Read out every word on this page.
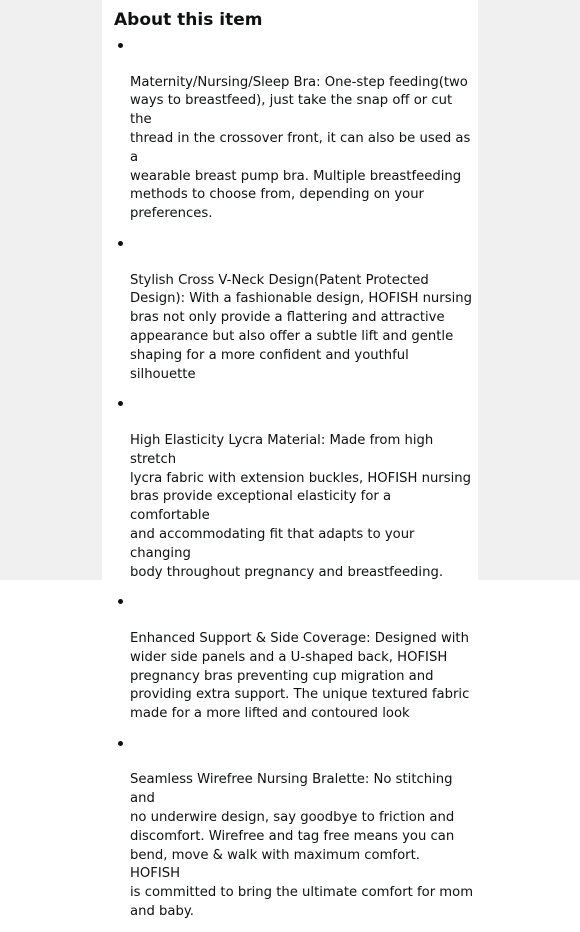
About this item

Maternity/Nursing/Sleep Bra: One-step feeding(two
ways to breastfeed), just take the snap off or cut the
thread in the crossover front, it can also be used as a
wearable breast pump bra. Multiple breastfeeding
methods to choose from, depending on your
preferences.

Stylish Cross V-Neck Design(Patent Protected
Design): With a fashionable design, HOFISH nursing
bras not only provide a flattering and attractive
appearance but also offer a subtle lift and gentle
shaping for a more confident and youthful silhouette

High Elasticity Lycra Material: Made from high stretch
lycra fabric with extension buckles, HOFISH nursing
bras provide exceptional elasticity for a comfortable
and accommodating fit that adapts to your changing
body throughout pregnancy and breastfeeding.

Enhanced Support & Side Coverage: Designed with
wider side panels and a U-shaped back, HOFISH
pregnancy bras preventing cup migration and
providing extra support. The unique textured fabric
made for a more lifted and contoured look

Seamless Wirefree Nursing Bralette: No stitching and
no underwire design, say goodbye to friction and
discomfort. Wirefree and tag free means you can
bend, move & walk with maximum comfort. HOFISH
is committed to bring the ultimate comfort for mom
and baby.
